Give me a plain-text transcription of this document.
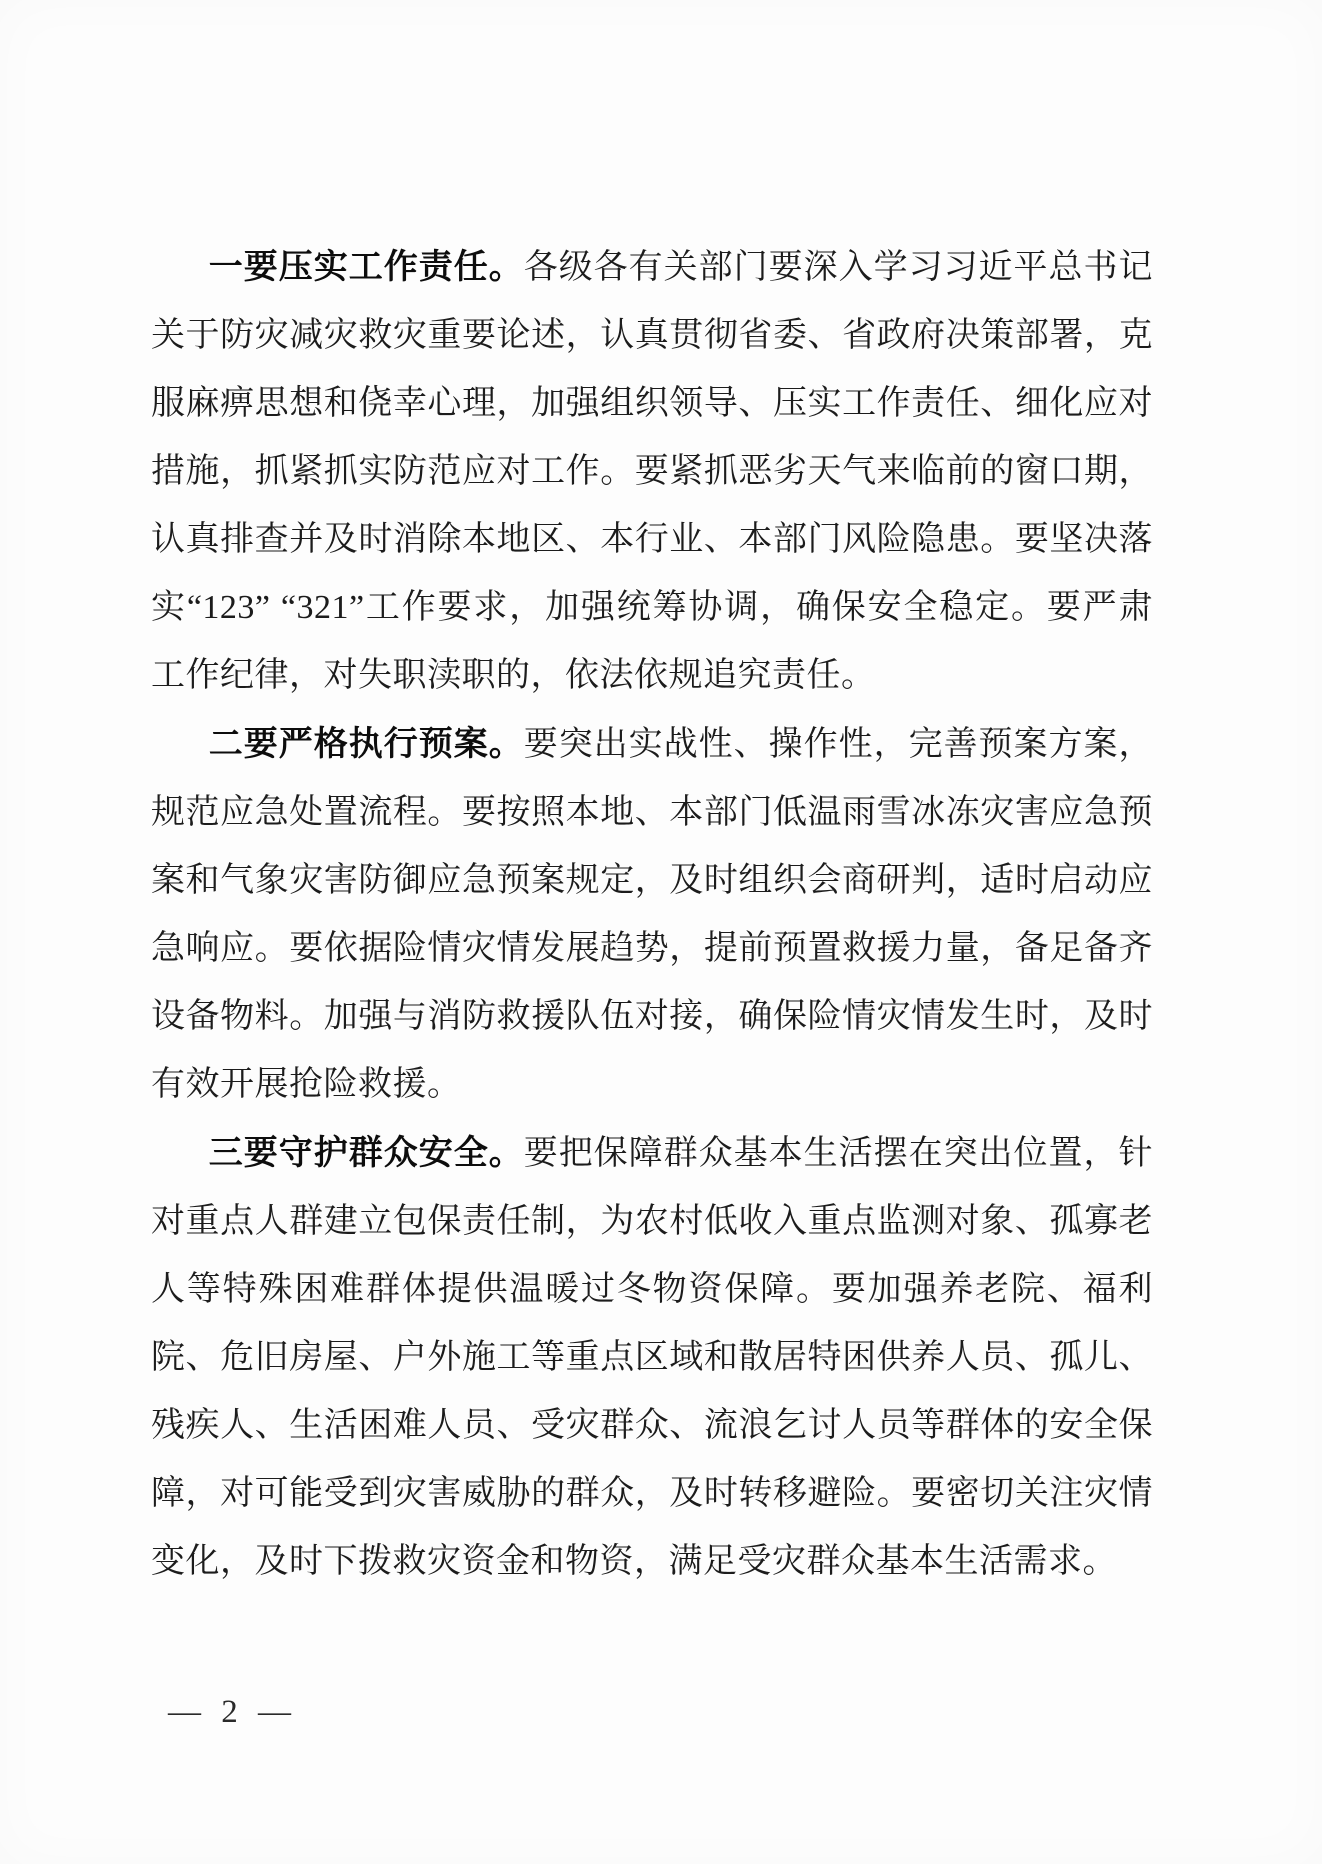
一要压实工作责任。各级各有关部门要深入学习习近平总书记关于防灾减灾救灾重要论述，认真贯彻省委、省政府决策部署，克服麻痹思想和侥幸心理，加强组织领导、压实工作责任、细化应对措施，抓紧抓实防范应对工作。要紧抓恶劣天气来临前的窗口期，认真排查并及时消除本地区、本行业、本部门风险隐患。要坚决落实“123” “321”工作要求，加强统筹协调，确保安全稳定。要严肃工作纪律，对失职渎职的，依法依规追究责任。

二要严格执行预案。要突出实战性、操作性，完善预案方案，规范应急处置流程。要按照本地、本部门低温雨雪冰冻灾害应急预案和气象灾害防御应急预案规定，及时组织会商研判，适时启动应急响应。要依据险情灾情发展趋势，提前预置救援力量，备足备齐设备物料。加强与消防救援队伍对接，确保险情灾情发生时，及时有效开展抢险救援。

三要守护群众安全。要把保障群众基本生活摆在突出位置，针对重点人群建立包保责任制，为农村低收入重点监测对象、孤寡老人等特殊困难群体提供温暖过冬物资保障。要加强养老院、福利院、危旧房屋、户外施工等重点区域和散居特困供养人员、孤儿、残疾人、生活困难人员、受灾群众、流浪乞讨人员等群体的安全保障，对可能受到灾害威胁的群众，及时转移避险。要密切关注灾情变化，及时下拨救灾资金和物资，满足受灾群众基本生活需求。

— 2 —
